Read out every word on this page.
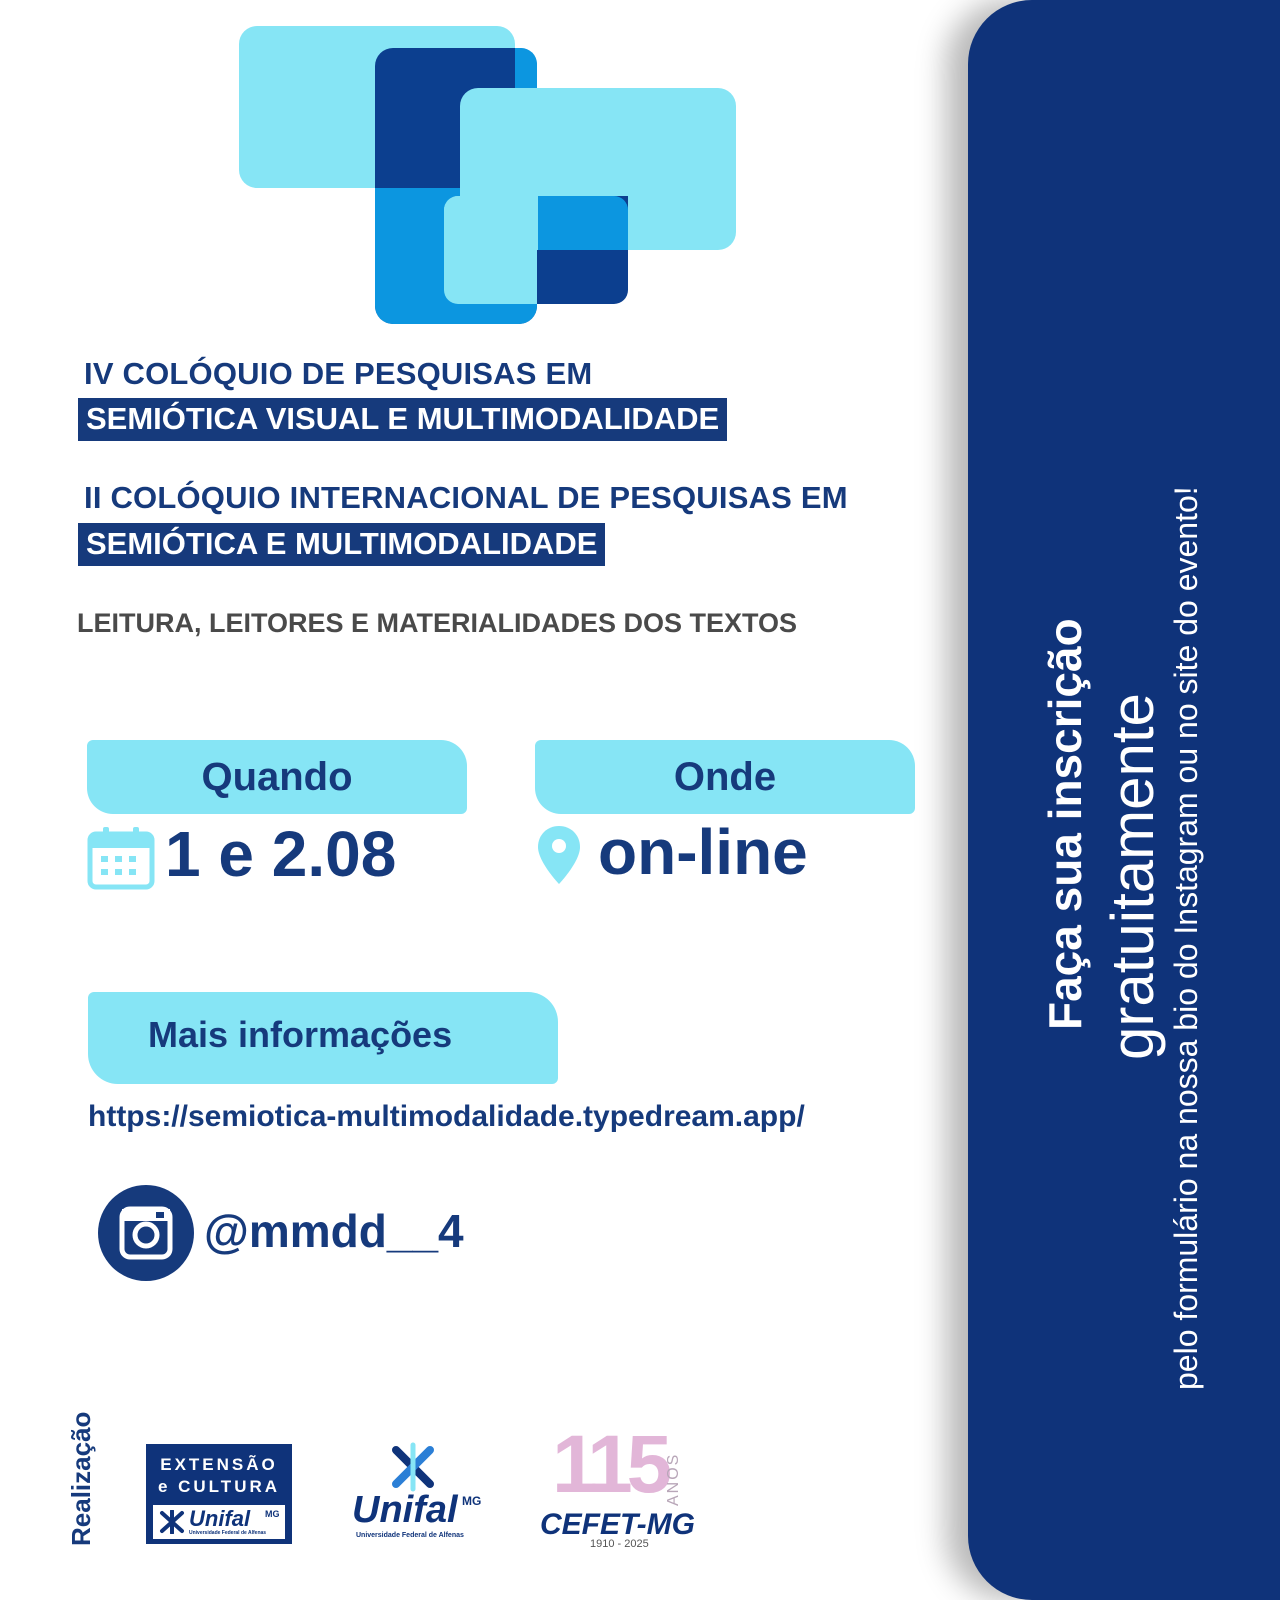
IV COLÓQUIO DE PESQUISAS EM
SEMIÓTICA VISUAL E MULTIMODALIDADE
II COLÓQUIO INTERNACIONAL DE PESQUISAS EM
SEMIÓTICA E MULTIMODALIDADE
LEITURA, LEITORES E MATERIALIDADES DOS TEXTOS
Quando
1 e 2.08
Onde
on-line
Mais informações
https://semiotica-multimodalidade.typedream.app/
@mmdd__4
Realização	EXTENSÃO
e CULTURA
Unifal MG
Universidade Federal de Alfenas
Unifal MG
Universidade Federal de Alfenas
115
ANOS
CEFET-MG
1910 - 2025
Faça sua inscrição gratuitamente pelo formulário na nossa bio do Instagram ou no site do evento!
